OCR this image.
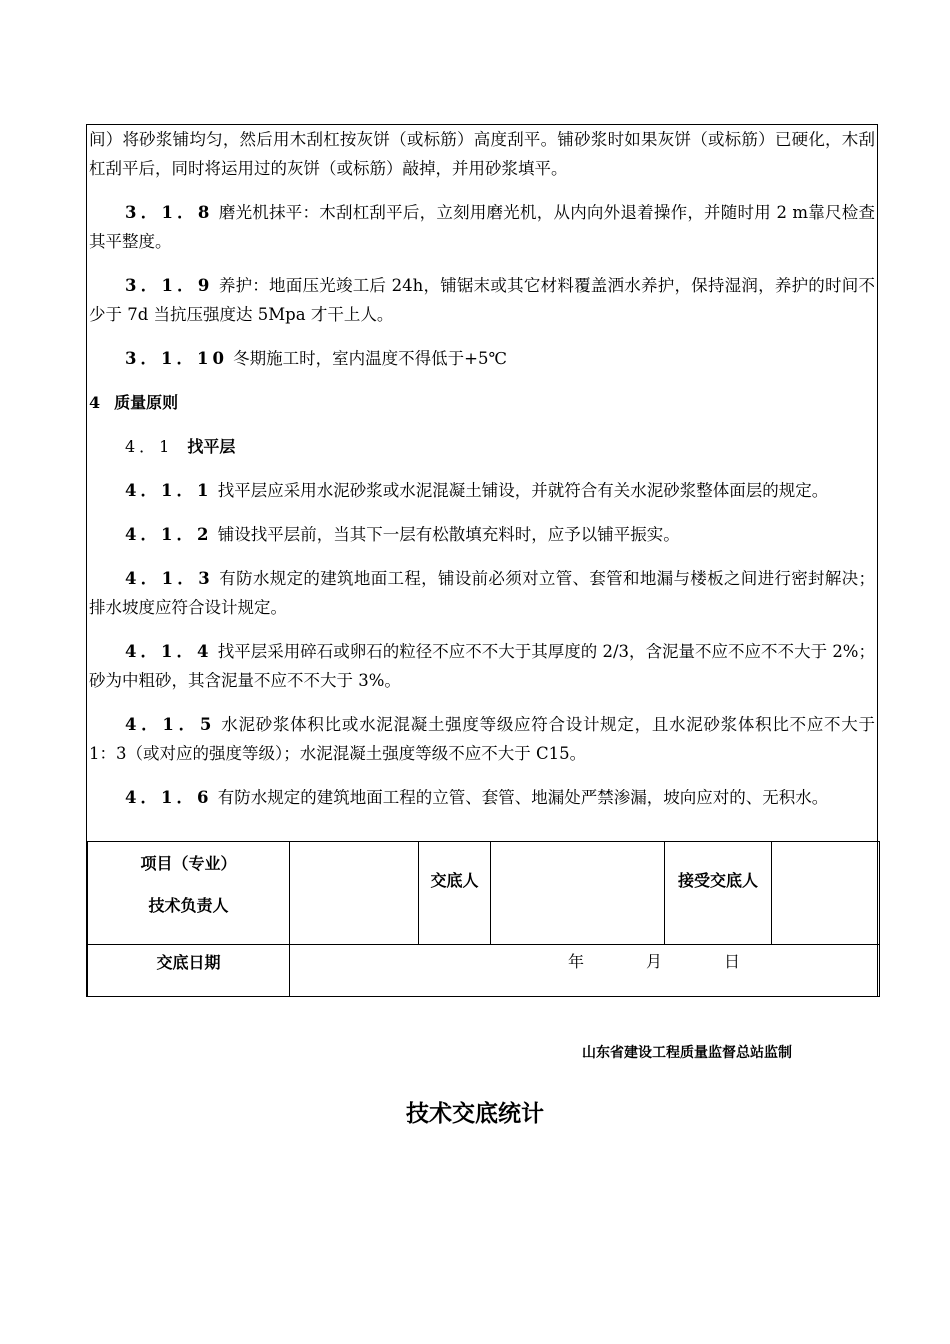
间）将砂浆铺均匀，然后用木刮杠按灰饼（或标筋）高度刮平。铺砂浆时如果灰饼（或标筋）已硬化，木刮杠刮平后，同时将运用过的灰饼（或标筋）敲掉，并用砂浆填平。

3．1．8 磨光机抹平：木刮杠刮平后，立刻用磨光机，从内向外退着操作，并随时用 2 m靠尺检查其平整度。

3．1．9 养护：地面压光竣工后 24h，铺锯末或其它材料覆盖洒水养护，保持湿润，养护的时间不少于 7d 当抗压强度达 5Mpa 才干上人。

3．1．10 冬期施工时，室内温度不得低于+5℃

4 质量原则
4．1 找平层

4．1．1 找平层应采用水泥砂浆或水泥混凝土铺设，并就符合有关水泥砂浆整体面层的规定。

4．1．2 铺设找平层前，当其下一层有松散填充料时，应予以铺平振实。

4．1．3 有防水规定的建筑地面工程，铺设前必须对立管、套管和地漏与楼板之间进行密封解决；排水坡度应符合设计规定。

4．1．4 找平层采用碎石或卵石的粒径不应不不大于其厚度的 2/3，含泥量不应不应不不大于 2%；砂为中粗砂，其含泥量不应不不大于 3%。

4．1．5 水泥砂浆体积比或水泥混凝土强度等级应符合设计规定，且水泥砂浆体积比不应不大于 1：3（或对应的强度等级）；水泥混凝土强度等级不应不大于 C15。

4．1．6 有防水规定的建筑地面工程的立管、套管、地漏处严禁渗漏，坡向应对的、无积水。

项目（专业）
技术负责人		交底人		接受交底人	

交底日期	年 月 日				
山东省建设工程质量监督总站监制
技术交底统计
